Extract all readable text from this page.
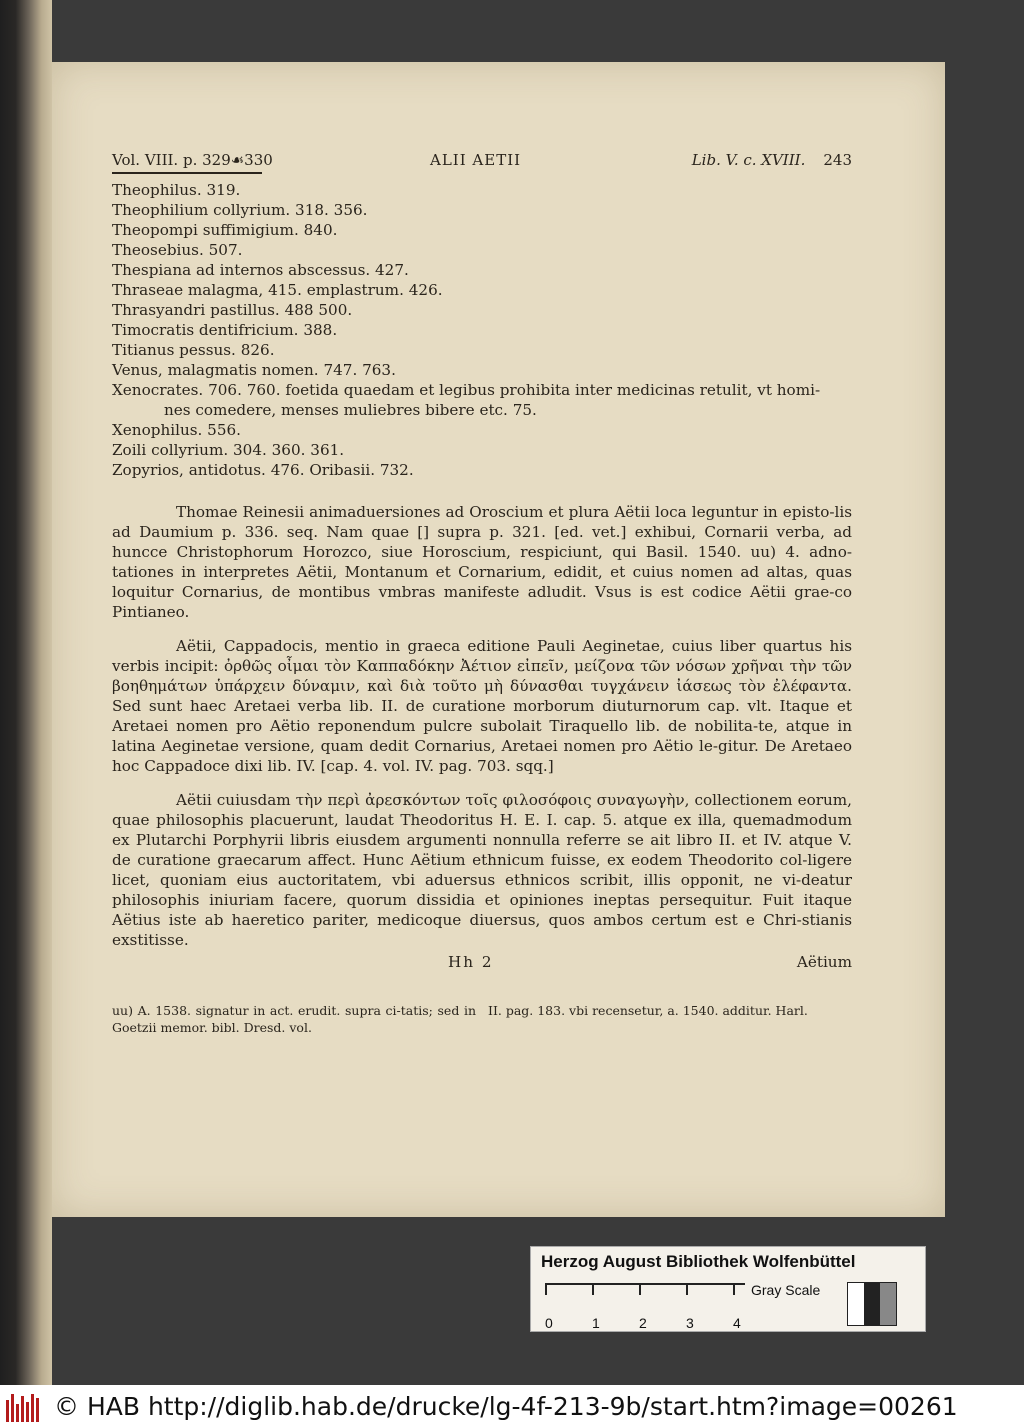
Vol. VIII. p. 329☙330	ALII AETII	Lib. V. c. XVIII. 243
Theophilus. 319.
Theophilium collyrium. 318. 356.
Theopompi suffimigium. 840.
Theosebius. 507.
Thespiana ad internos abscessus. 427.
Thraseae malagma, 415. emplastrum. 426.
Thrasyandri pastillus. 488 500.
Timocratis dentifricium. 388.
Titianus pessus. 826.
Venus, malagmatis nomen. 747. 763.
Xenocrates. 706. 760. foetida quaedam et legibus prohibita inter medicinas retulit, vt homi-
nes comedere, menses muliebres bibere etc. 75.
Xenophilus. 556.
Zoili collyrium. 304. 360. 361.
Zopyrios, antidotus. 476. Oribasii. 732.

Thomae Reinesii animaduersiones ad Oroscium et plura Aëtii loca leguntur in episto-lis ad Daumium p. 336. seq. Nam quae [] supra p. 321. [ed. vet.] exhibui, Cornarii verba, ad huncce Christophorum Horozco, siue Horoscium, respiciunt, qui Basil. 1540. uu) 4. adno-tationes in interpretes Aëtii, Montanum et Cornarium, edidit, et cuius nomen ad altas, quas loquitur Cornarius, de montibus vmbras manifeste adludit. Vsus is est codice Aëtii grae-co Pintianeo.

Aëtii, Cappadocis, mentio in graeca editione Pauli Aeginetae, cuius liber quartus his verbis incipit: ὀρθῶς οἶμαι τὸν Καππαδόκην Ἀέτιον εἰπεῖν, μείζονα τῶν νόσων χρῆναι τὴν τῶν βοηθημάτων ὑπάρχειν δύναμιν, καὶ διὰ τοῦτο μὴ δύνασθαι τυγχάνειν ἰάσεως τὸν ἐλέφαντα. Sed sunt haec Aretaei verba lib. II. de curatione morborum diuturnorum cap. vlt. Itaque et Aretaei nomen pro Aëtio reponendum pulcre subolait Tiraquello lib. de nobilita-te, atque in latina Aeginetae versione, quam dedit Cornarius, Aretaei nomen pro Aëtio le-gitur. De Aretaeo hoc Cappadoce dixi lib. IV. [cap. 4. vol. IV. pag. 703. sqq.]

Aëtii cuiusdam τὴν περὶ ἀρεσκόντων τοῖς φιλοσόφοις συναγωγὴν, collectionem eorum, quae philosophis placuerunt, laudat Theodoritus H. E. I. cap. 5. atque ex illa, quemadmodum ex Plutarchi Porphyrii libris eiusdem argumenti nonnulla referre se ait libro II. et IV. atque V. de curatione graecarum affect. Hunc Aëtium ethnicum fuisse, ex eodem Theodorito col-ligere licet, quoniam eius auctoritatem, vbi aduersus ethnicos scribit, illis opponit, ne vi-deatur philosophis iniuriam facere, quorum dissidia et opiniones ineptas persequitur. Fuit itaque Aëtius iste ab haeretico pariter, medicoque diuersus, quos ambos certum est e Chri-stianis exstitisse.

Hh 2	Aëtium
uu) A. 1538. signatur in act. erudit. supra ci-tatis; sed in Goetzii memor. bibl. Dresd. vol.
II. pag. 183. vbi recensetur, a. 1540. additur. Harl.
Herzog August Bibliothek Wolfenbüttel
0	1	2	3	4
Gray Scale
© HAB http://diglib.hab.de/drucke/lg-4f-213-9b/start.htm?image=00261
